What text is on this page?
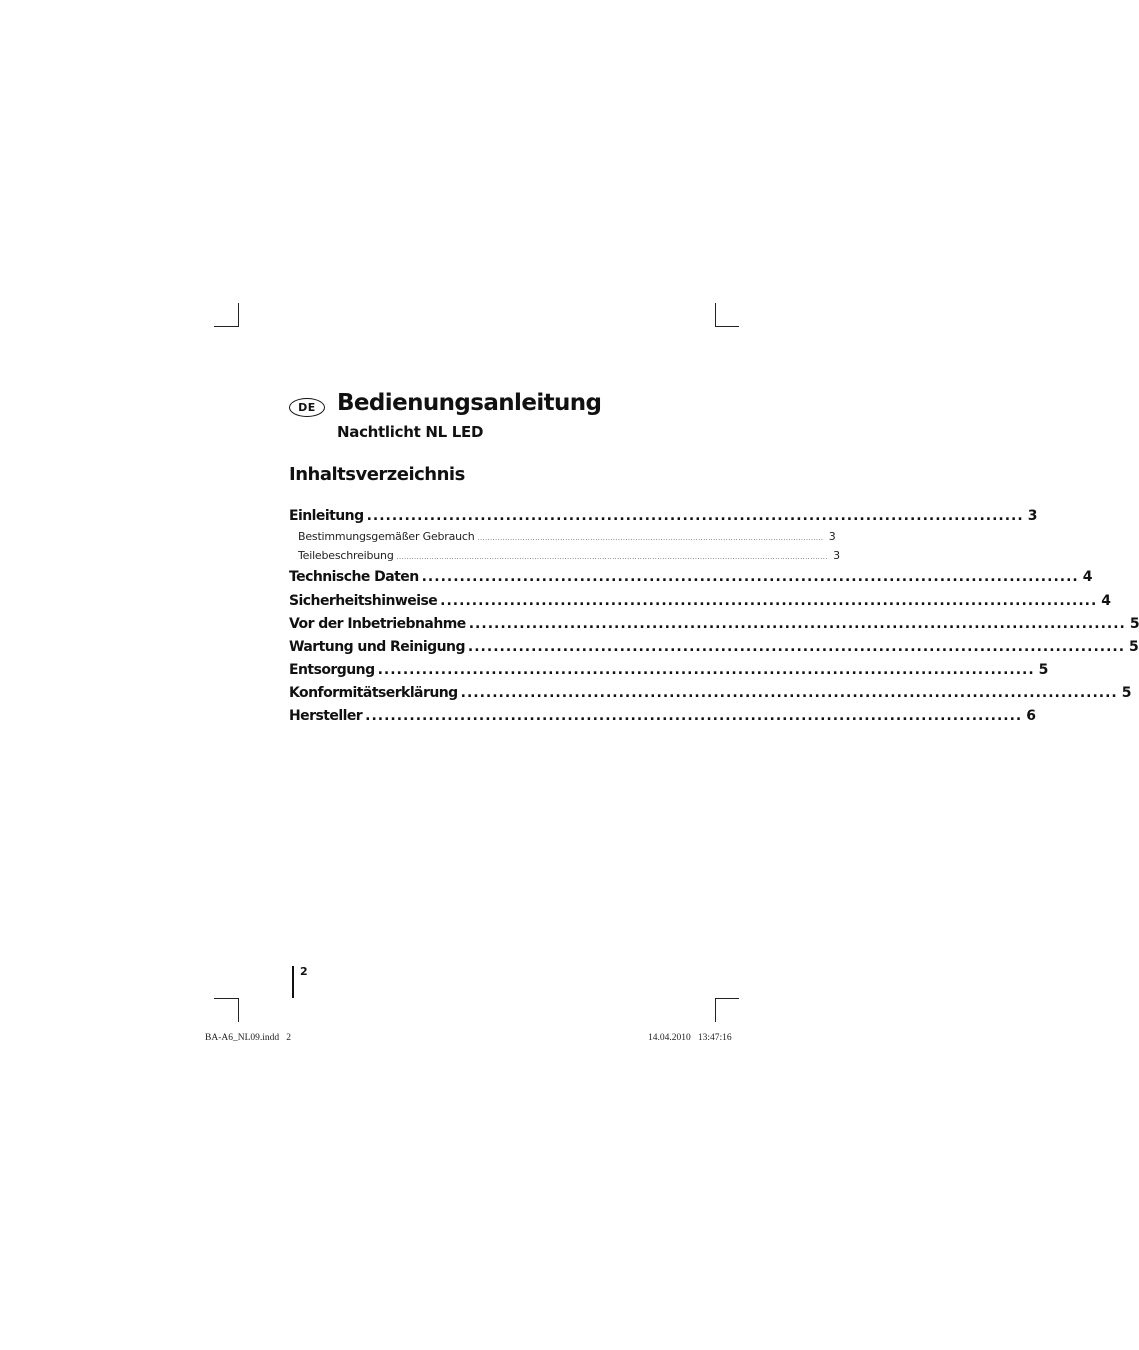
DE Bedienungsanleitung
Nachtlicht NL LED
Inhaltsverzeichnis
Einleitung ........................................................................................................ 3
Bestimmungsgemäßer Gebrauch .......................................................................................................................................... 3
Teilebeschreibung ............................................................................................................................................................................ 3
Technische Daten ........................................................................................................ 4
Sicherheitshinweise ........................................................................................................ 4
Vor der Inbetriebnahme ........................................................................................................ 5
Wartung und Reinigung ........................................................................................................ 5
Entsorgung ........................................................................................................ 5
Konformitätserklärung ........................................................................................................ 5
Hersteller ........................................................................................................ 6
2
BA-A6_NL09.indd   2	14.04.2010   13:47:16
